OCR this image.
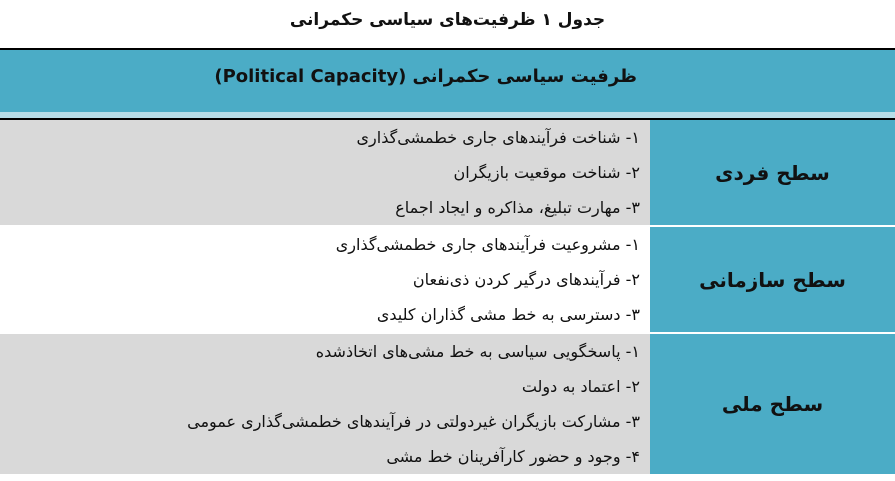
جدول ۱ ظرفیت‌های سیاسی حکمرانی
ظرفیت سیاسی حکمرانی (Political Capacity)
سطح فردی
۱- شناخت فرآیندهای جاری خطمشی‌گذاری
۲- شناخت موقعیت بازیگران
۳- مهارت تبلیغ، مذاکره و ایجاد اجماع
سطح سازمانی
۱- مشروعیت فرآیندهای جاری خطمشی‌گذاری
۲- فرآیندهای درگیر کردن ذی‌نفعان
۳- دسترسی به خط مشی گذاران کلیدی
سطح ملی
۱- پاسخگویی سیاسی به خط مشی‌های اتخاذشده
۲- اعتماد به دولت
۳- مشارکت بازیگران غیردولتی در فرآیندهای خطمشی‌گذاری عمومی
۴- وجود و حضور کارآفرینان خط مشی
